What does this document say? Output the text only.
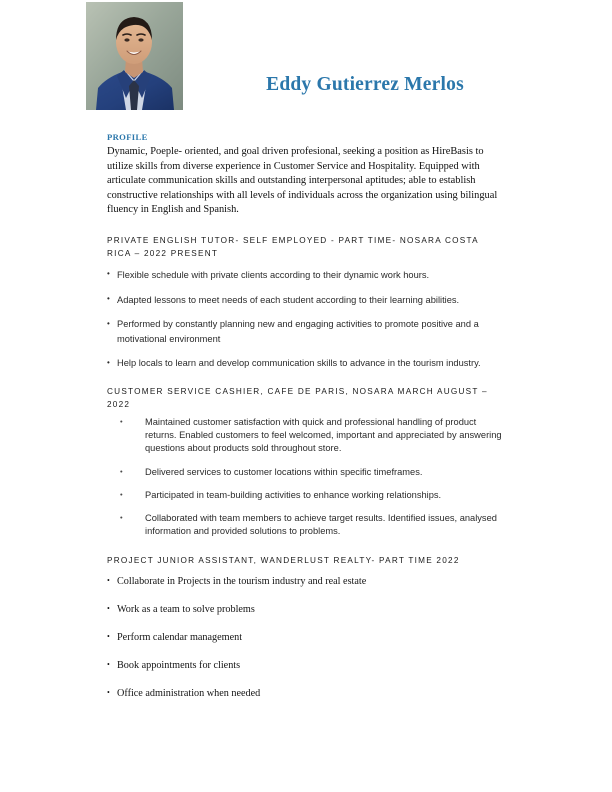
Eddy Gutierrez Merlos

PROFILE

Dynamic, Poeple- oriented, and goal driven profesional, seeking a position as HireBasis to utilize skills from diverse experience in Customer Service and Hospitality. Equipped with articulate communication skills and outstanding interpersonal aptitudes; able to establish constructive relationships with all levels of individuals across the organization using bilingual fluency in English and Spanish.

PRIVATE ENGLISH TUTOR- SELF EMPLOYED - PART TIME- NOSARA COSTA RICA – 2022 PRESENT

• Flexible schedule with private clients according to their dynamic work hours.
• Adapted lessons to meet needs of each student according to their learning abilities.
• Performed by constantly planning new and engaging activities to promote positive and a motivational environment
• Help locals to learn and develop communication skills to advance in the tourism industry.

CUSTOMER SERVICE CASHIER, CAFE DE PARIS, NOSARA MARCH AUGUST – 2022

• Maintained customer satisfaction with quick and professional handling of product returns. Enabled customers to feel welcomed, important and appreciated by answering questions about products sold throughout store.
• Delivered services to customer locations within specific timeframes.
• Participated in team-building activities to enhance working relationships.
• Collaborated with team members to achieve target results. Identified issues, analysed information and provided solutions to problems.

PROJECT JUNIOR ASSISTANT, WANDERLUST REALTY- PART TIME 2022

• Collaborate in Projects in the tourism industry and real estate
• Work as a team to solve problems
• Perform calendar management
• Book appointments for clients
• Office administration when needed
